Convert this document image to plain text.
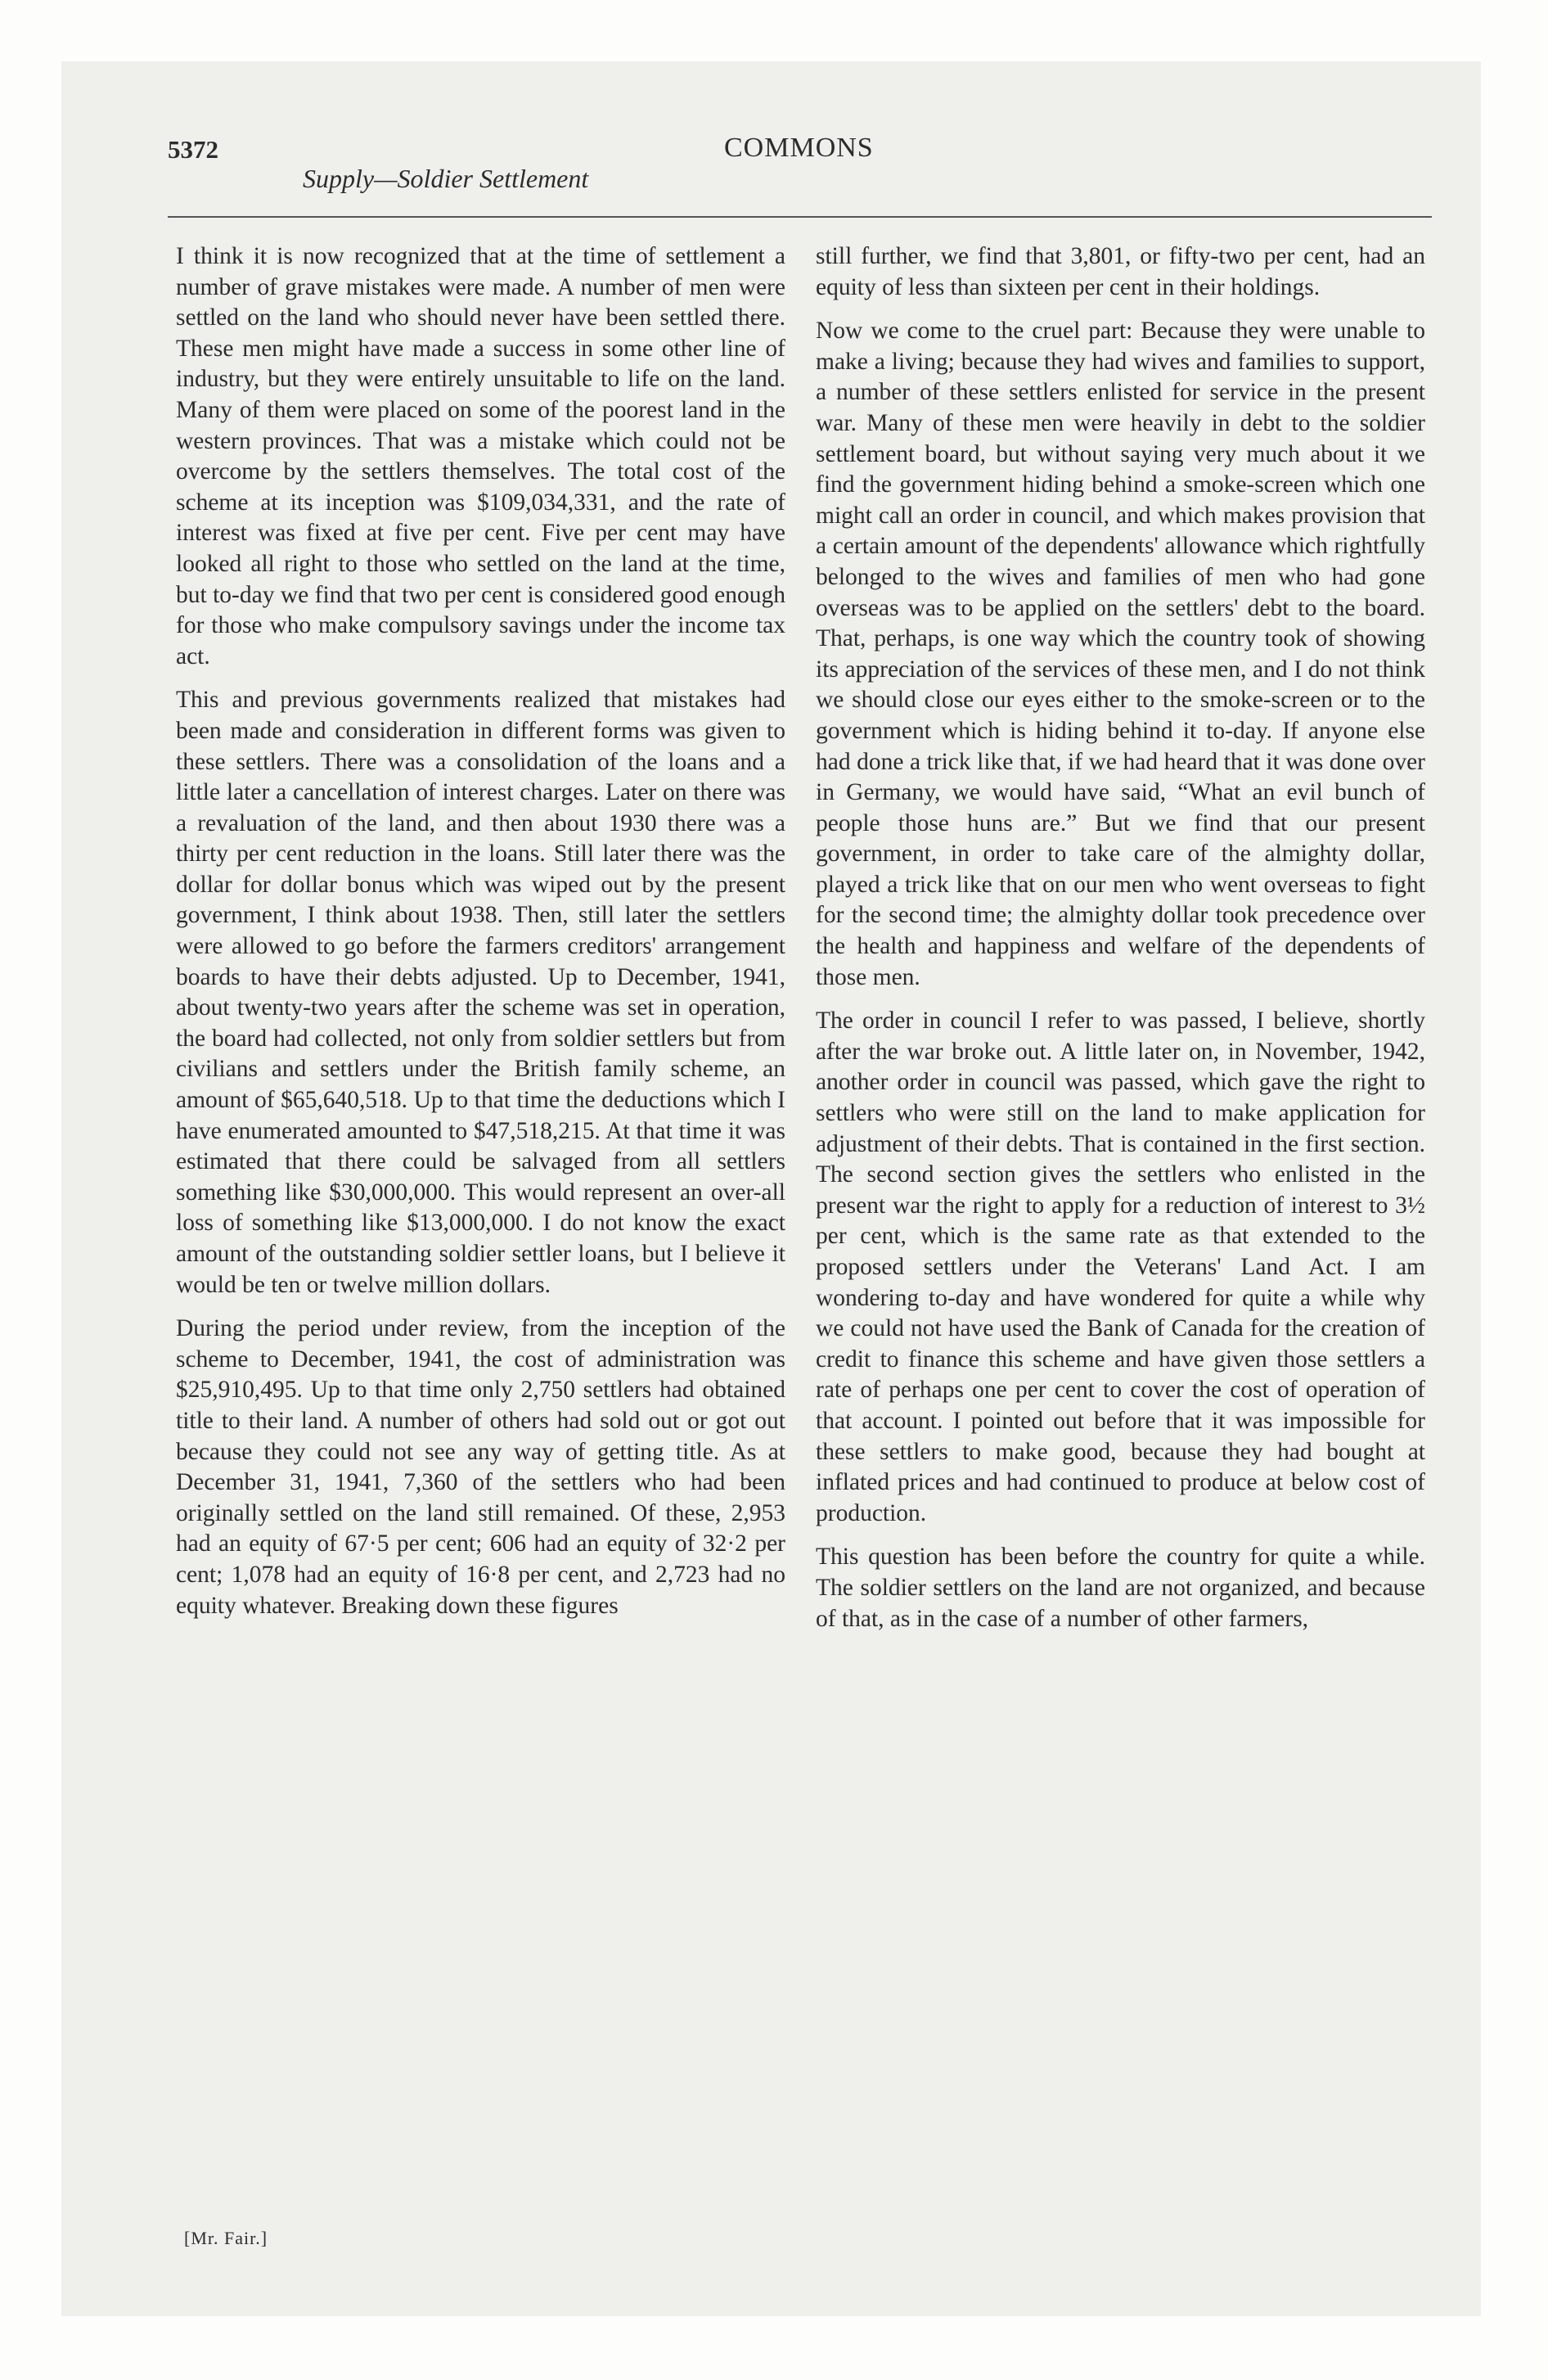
5372
Supply—Soldier Settlement
COMMONS

I think it is now recognized that at the time of settlement a number of grave mistakes were made. A number of men were settled on the land who should never have been settled there. These men might have made a success in some other line of industry, but they were entirely unsuitable to life on the land. Many of them were placed on some of the poorest land in the western provinces. That was a mistake which could not be overcome by the settlers themselves. The total cost of the scheme at its inception was $109,034,331, and the rate of interest was fixed at five per cent. Five per cent may have looked all right to those who settled on the land at the time, but to-day we find that two per cent is considered good enough for those who make compulsory savings under the income tax act.

This and previous governments realized that mistakes had been made and consideration in different forms was given to these settlers. There was a consolidation of the loans and a little later a cancellation of interest charges. Later on there was a revaluation of the land, and then about 1930 there was a thirty per cent reduction in the loans. Still later there was the dollar for dollar bonus which was wiped out by the present government, I think about 1938. Then, still later the settlers were allowed to go before the farmers creditors' arrangement boards to have their debts adjusted. Up to December, 1941, about twenty-two years after the scheme was set in operation, the board had collected, not only from soldier settlers but from civilians and settlers under the British family scheme, an amount of $65,640,518. Up to that time the deductions which I have enumerated amounted to $47,518,215. At that time it was estimated that there could be salvaged from all settlers something like $30,000,000. This would represent an over-all loss of something like $13,000,000. I do not know the exact amount of the outstanding soldier settler loans, but I believe it would be ten or twelve million dollars.

During the period under review, from the inception of the scheme to December, 1941, the cost of administration was $25,910,495. Up to that time only 2,750 settlers had obtained title to their land. A number of others had sold out or got out because they could not see any way of getting title. As at December 31, 1941, 7,360 of the settlers who had been originally settled on the land still remained. Of these, 2,953 had an equity of 67·5 per cent; 606 had an equity of 32·2 per cent; 1,078 had an equity of 16·8 per cent, and 2,723 had no equity whatever. Breaking down these figures

still further, we find that 3,801, or fifty-two per cent, had an equity of less than sixteen per cent in their holdings.

Now we come to the cruel part: Because they were unable to make a living; because they had wives and families to support, a number of these settlers enlisted for service in the present war. Many of these men were heavily in debt to the soldier settlement board, but without saying very much about it we find the government hiding behind a smoke-screen which one might call an order in council, and which makes provision that a certain amount of the dependents' allowance which rightfully belonged to the wives and families of men who had gone overseas was to be applied on the settlers' debt to the board. That, perhaps, is one way which the country took of showing its appreciation of the services of these men, and I do not think we should close our eyes either to the smoke-screen or to the government which is hiding behind it to-day. If anyone else had done a trick like that, if we had heard that it was done over in Germany, we would have said, “What an evil bunch of people those huns are.” But we find that our present government, in order to take care of the almighty dollar, played a trick like that on our men who went overseas to fight for the second time; the almighty dollar took precedence over the health and happiness and welfare of the dependents of those men.

The order in council I refer to was passed, I believe, shortly after the war broke out. A little later on, in November, 1942, another order in council was passed, which gave the right to settlers who were still on the land to make application for adjustment of their debts. That is contained in the first section. The second section gives the settlers who enlisted in the present war the right to apply for a reduction of interest to 3½ per cent, which is the same rate as that extended to the proposed settlers under the Veterans' Land Act. I am wondering to-day and have wondered for quite a while why we could not have used the Bank of Canada for the creation of credit to finance this scheme and have given those settlers a rate of perhaps one per cent to cover the cost of operation of that account. I pointed out before that it was impossible for these settlers to make good, because they had bought at inflated prices and had continued to produce at below cost of production.

This question has been before the country for quite a while. The soldier settlers on the land are not organized, and because of that, as in the case of a number of other farmers,

[Mr. Fair.]
